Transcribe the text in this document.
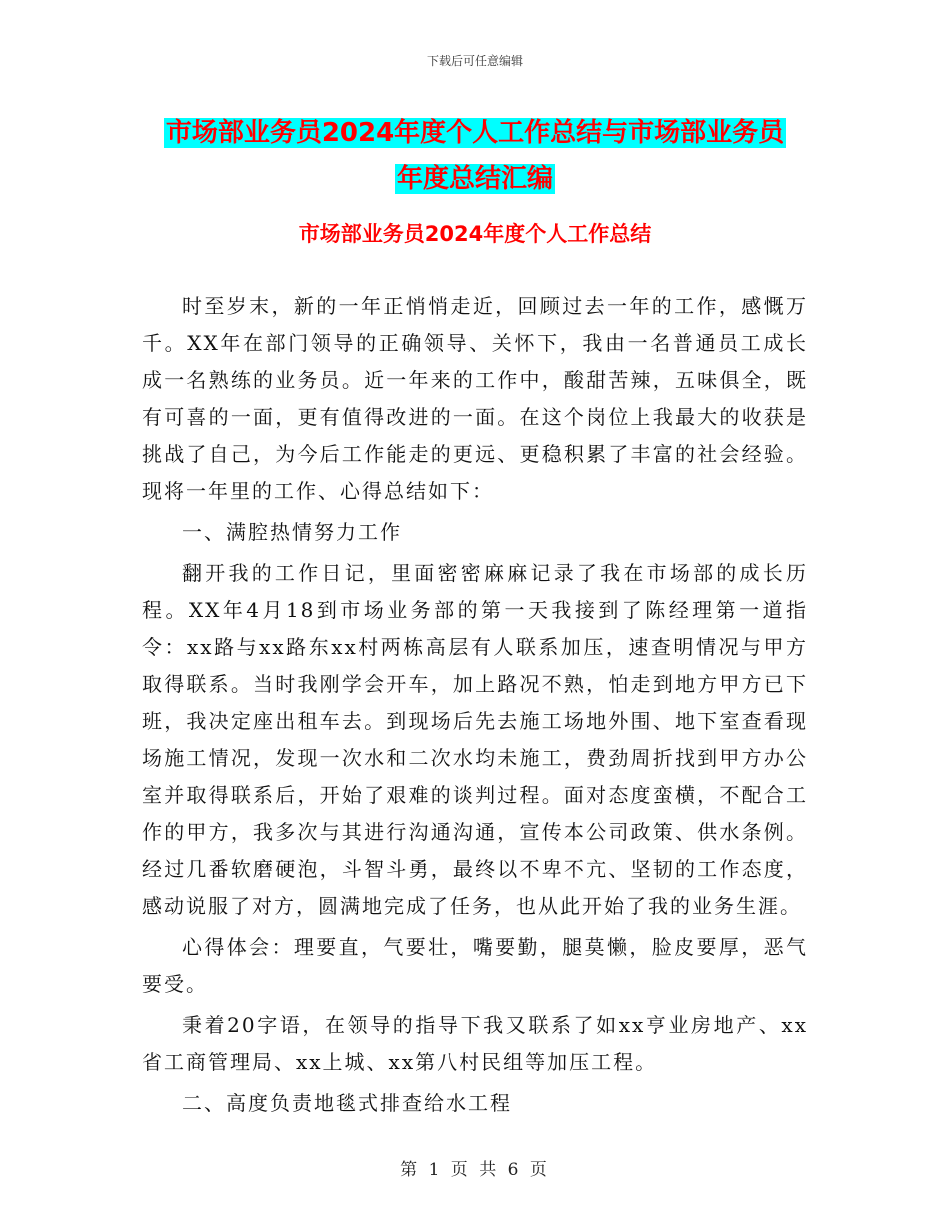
下载后可任意编辑
市场部业务员2024年度个人工作总结与市场部业务员
年度总结汇编
市场部业务员2024年度个人工作总结

时至岁末，新的一年正悄悄走近，回顾过去一年的工作，感慨万千。XX年在部门领导的正确领导、关怀下，我由一名普通员工成长成一名熟练的业务员。近一年来的工作中，酸甜苦辣，五味俱全，既有可喜的一面，更有值得改进的一面。在这个岗位上我最大的收获是挑战了自己，为今后工作能走的更远、更稳积累了丰富的社会经验。现将一年里的工作、心得总结如下：

一、满腔热情努力工作

翻开我的工作日记，里面密密麻麻记录了我在市场部的成长历程。XX年4月18到市场业务部的第一天我接到了陈经理第一道指令：xx路与xx路东xx村两栋高层有人联系加压，速查明情况与甲方取得联系。当时我刚学会开车，加上路况不熟，怕走到地方甲方已下班，我决定座出租车去。到现场后先去施工场地外围、地下室查看现场施工情况，发现一次水和二次水均未施工，费劲周折找到甲方办公室并取得联系后，开始了艰难的谈判过程。面对态度蛮横，不配合工作的甲方，我多次与其进行沟通沟通，宣传本公司政策、供水条例。经过几番软磨硬泡，斗智斗勇，最终以不卑不亢、坚韧的工作态度，感动说服了对方，圆满地完成了任务，也从此开始了我的业务生涯。

心得体会：理要直，气要壮，嘴要勤，腿莫懒，脸皮要厚，恶气要受。

秉着20字语，在领导的指导下我又联系了如xx亨业房地产、xx省工商管理局、xx上城、xx第八村民组等加压工程。

二、高度负责地毯式排查给水工程

第 1 页 共 6 页
